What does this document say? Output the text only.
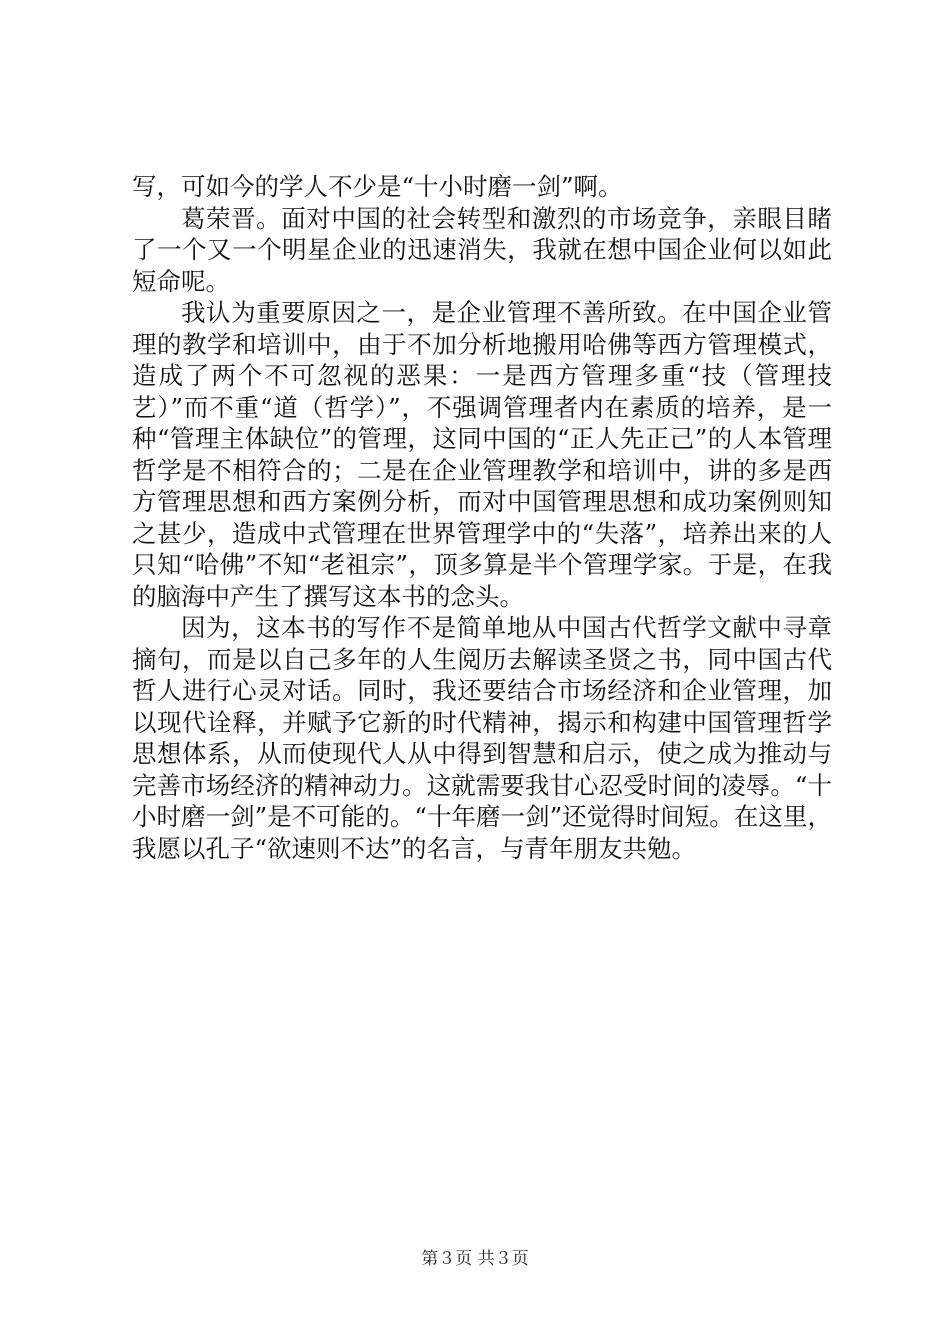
写，可如今的学人不少是“十小时磨一剑”啊。

葛荣晋。面对中国的社会转型和激烈的市场竞争，亲眼目睹了一个又一个明星企业的迅速消失，我就在想中国企业何以如此短命呢。

我认为重要原因之一，是企业管理不善所致。在中国企业管理的教学和培训中，由于不加分析地搬用哈佛等西方管理模式，造成了两个不可忽视的恶果：一是西方管理多重“技（管理技艺）”而不重“道（哲学）”，不强调管理者内在素质的培养，是一种“管理主体缺位”的管理，这同中国的“正人先正己”的人本管理哲学是不相符合的；二是在企业管理教学和培训中，讲的多是西方管理思想和西方案例分析，而对中国管理思想和成功案例则知之甚少，造成中式管理在世界管理学中的“失落”，培养出来的人只知“哈佛”不知“老祖宗”，顶多算是半个管理学家。于是，在我的脑海中产生了撰写这本书的念头。

因为，这本书的写作不是简单地从中国古代哲学文献中寻章摘句，而是以自己多年的人生阅历去解读圣贤之书，同中国古代哲人进行心灵对话。同时，我还要结合市场经济和企业管理，加以现代诠释，并赋予它新的时代精神，揭示和构建中国管理哲学思想体系，从而使现代人从中得到智慧和启示，使之成为推动与完善市场经济的精神动力。这就需要我甘心忍受时间的凌辱。“十小时磨一剑”是不可能的。“十年磨一剑”还觉得时间短。在这里，我愿以孔子“欲速则不达”的名言，与青年朋友共勉。

第３页 共３页
